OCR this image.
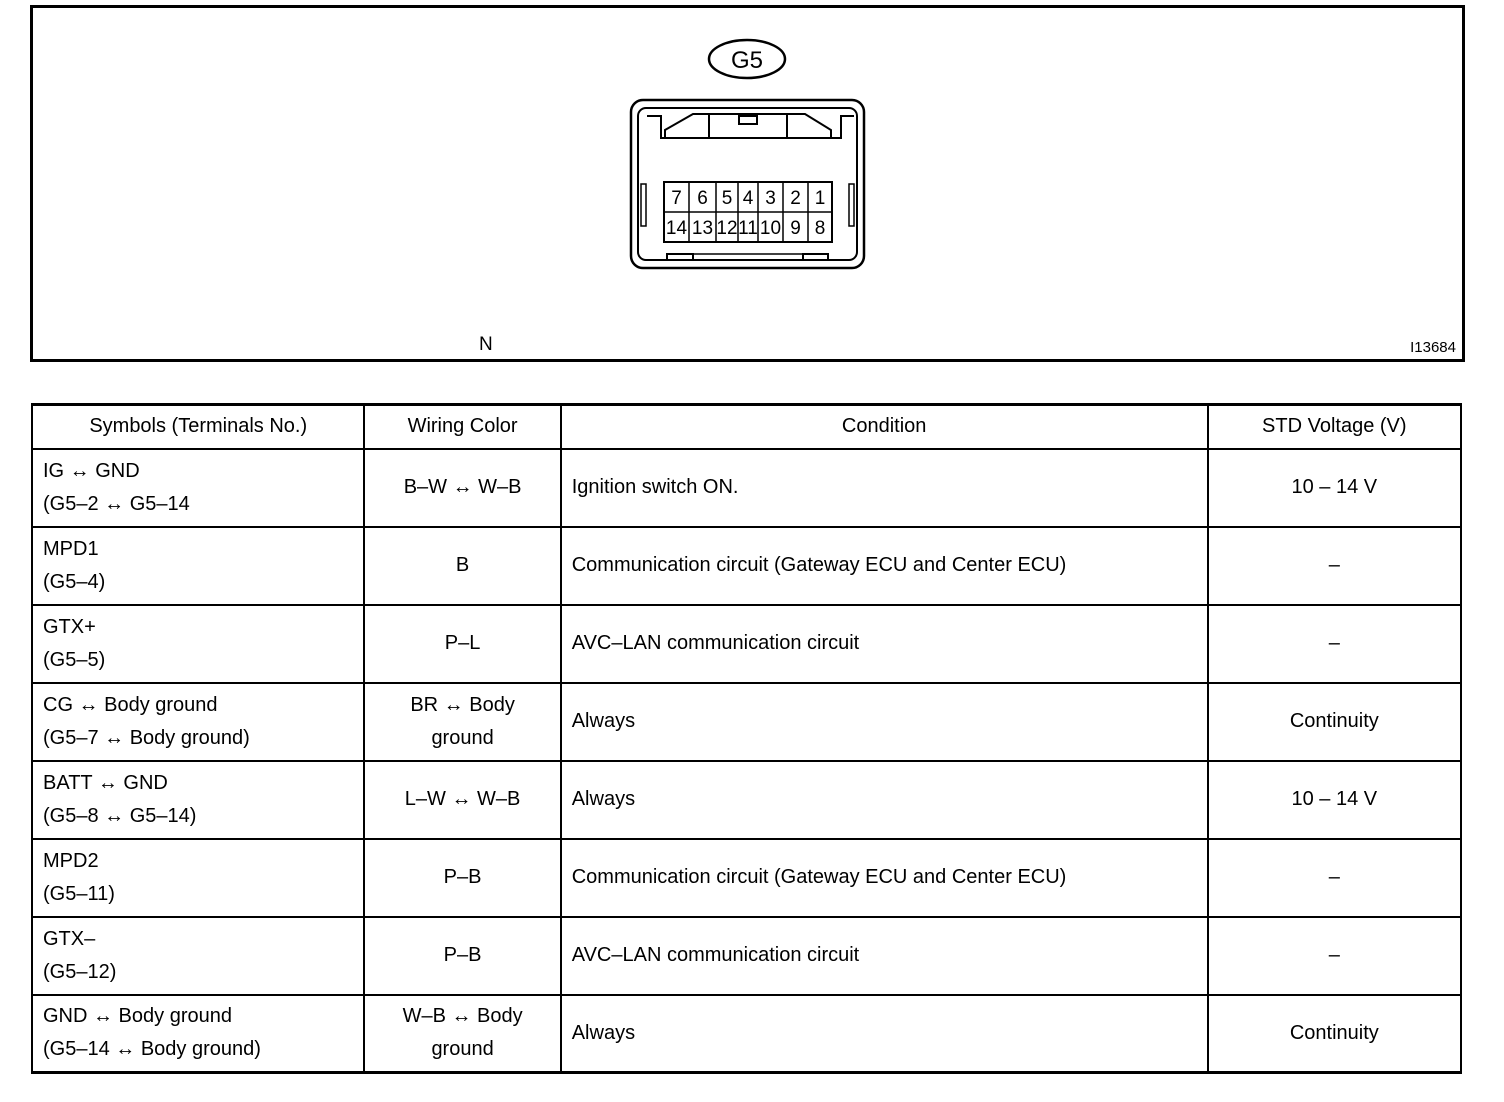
G5
7 6 5 4 3 2 1
14 13 12 11 10 9 8
N	I13684
Symbols (Terminals No.)	Wiring Color	Condition	STD Voltage (V)

IG ↔ GND
(G5–2 ↔ G5–14	B–W ↔ W–B	Ignition switch ON.	10 – 14 V

MPD1
(G5–4)	B	Communication circuit (Gateway ECU and Center ECU)	–

GTX+
(G5–5)	P–L	AVC–LAN communication circuit	–

CG ↔ Body ground
(G5–7 ↔ Body ground)	BR ↔ Body
ground	Always	Continuity

BATT ↔ GND
(G5–8 ↔ G5–14)	L–W ↔ W–B	Always	10 – 14 V

MPD2
(G5–11)	P–B	Communication circuit (Gateway ECU and Center ECU)	–

GTX–
(G5–12)	P–B	AVC–LAN communication circuit	–

GND ↔ Body ground
(G5–14 ↔ Body ground)	W–B ↔ Body
ground	Always	Continuity
